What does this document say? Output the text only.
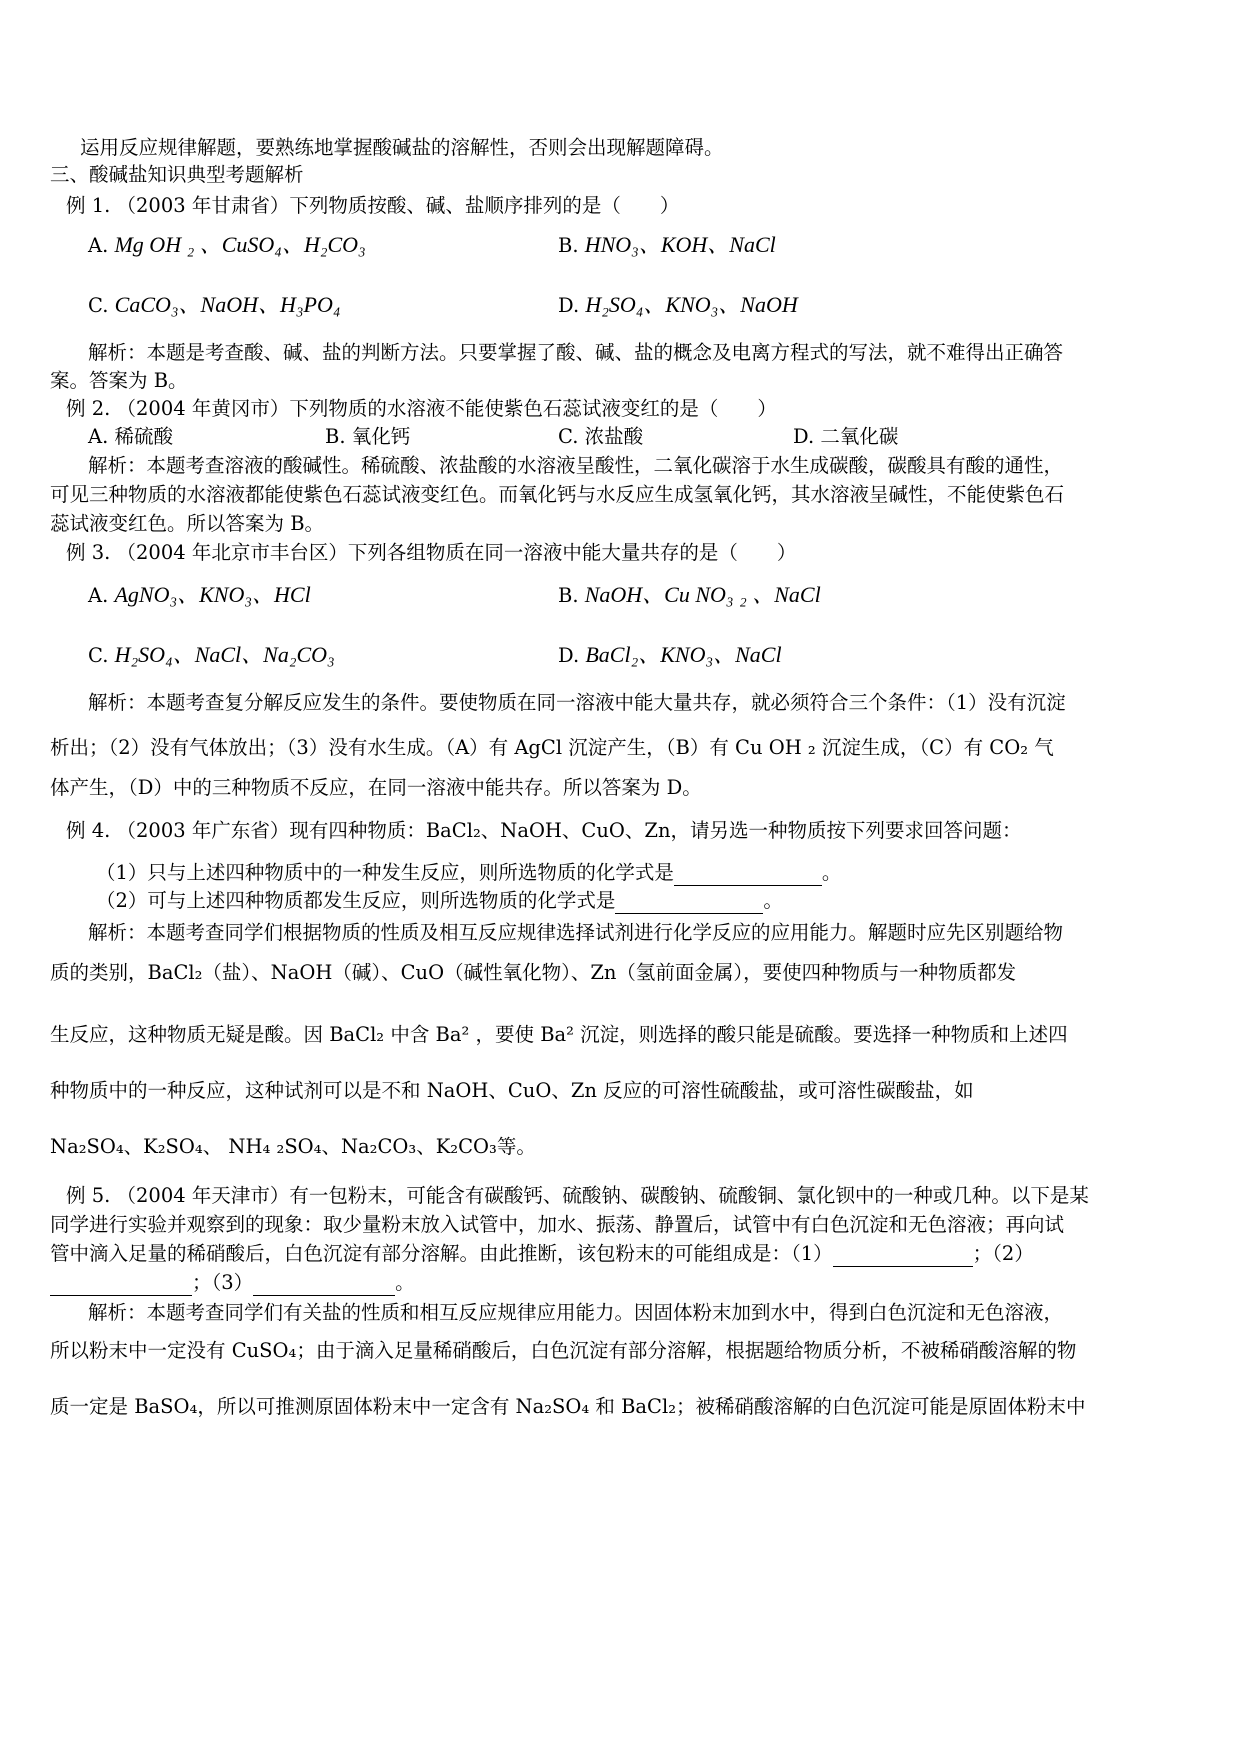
运用反应规律解题，要熟练地掌握酸碱盐的溶解性，否则会出现解题障碍。
三、酸碱盐知识典型考题解析
例 1. （2003 年甘肃省）下列物质按酸、碱、盐顺序排列的是（　　）
A. Mg OH ₂ 、CuSO₄、H₂CO₃	B. HNO₃、KOH、NaCl
C. CaCO₃、NaOH、H₃PO₄	D. H₂SO₄、KNO₃、NaOH
解析：本题是考查酸、碱、盐的判断方法。只要掌握了酸、碱、盐的概念及电离方程式的写法，就不难得出正确答
案。答案为 B。
例 2. （2004 年黄冈市）下列物质的水溶液不能使紫色石蕊试液变红的是（　　）
A. 稀硫酸	B. 氧化钙	C. 浓盐酸	D. 二氧化碳
解析：本题考查溶液的酸碱性。稀硫酸、浓盐酸的水溶液呈酸性，二氧化碳溶于水生成碳酸，碳酸具有酸的通性，
可见三种物质的水溶液都能使紫色石蕊试液变红色。而氧化钙与水反应生成氢氧化钙，其水溶液呈碱性，不能使紫色石
蕊试液变红色。所以答案为 B。
例 3. （2004 年北京市丰台区）下列各组物质在同一溶液中能大量共存的是（　　）
A. AgNO₃、KNO₃、HCl	B. NaOH、Cu NO₃ ₂ 、NaCl
C. H₂SO₄、NaCl、Na₂CO₃	D. BaCl₂、KNO₃、NaCl
解析：本题考查复分解反应发生的条件。要使物质在同一溶液中能大量共存，就必须符合三个条件：（1）没有沉淀
析出；（2）没有气体放出；（3）没有水生成。（A）有 AgCl 沉淀产生，（B）有 Cu OH ₂ 沉淀生成，（C）有 CO₂ 气
体产生，（D）中的三种物质不反应，在同一溶液中能共存。所以答案为 D。
例 4. （2003 年广东省）现有四种物质：BaCl₂、NaOH、CuO、Zn，请另选一种物质按下列要求回答问题：
（1）只与上述四种物质中的一种发生反应，则所选物质的化学式是	。
（2）可与上述四种物质都发生反应，则所选物质的化学式是	。
解析：本题考查同学们根据物质的性质及相互反应规律选择试剂进行化学反应的应用能力。解题时应先区别题给物
质的类别，BaCl₂（盐）、NaOH（碱）、CuO（碱性氧化物）、Zn（氢前面金属），要使四种物质与一种物质都发
生反应，这种物质无疑是酸。因 BaCl₂ 中含 Ba² ，要使 Ba² 沉淀，则选择的酸只能是硫酸。要选择一种物质和上述四
种物质中的一种反应，这种试剂可以是不和 NaOH、CuO、Zn 反应的可溶性硫酸盐，或可溶性碳酸盐，如
Na₂SO₄、K₂SO₄、 NH₄ ₂SO₄、Na₂CO₃、K₂CO₃等。
例 5. （2004 年天津市）有一包粉末，可能含有碳酸钙、硫酸钠、碳酸钠、硫酸铜、氯化钡中的一种或几种。以下是某
同学进行实验并观察到的现象：取少量粉末放入试管中，加水、振荡、静置后，试管中有白色沉淀和无色溶液；再向试
管中滴入足量的稀硝酸后，白色沉淀有部分溶解。由此推断，该包粉末的可能组成是：（1）	；（2）
；（3）	。
解析：本题考查同学们有关盐的性质和相互反应规律应用能力。因固体粉末加到水中，得到白色沉淀和无色溶液，
所以粉末中一定没有 CuSO₄；由于滴入足量稀硝酸后，白色沉淀有部分溶解，根据题给物质分析，不被稀硝酸溶解的物
质一定是 BaSO₄，所以可推测原固体粉末中一定含有 Na₂SO₄ 和 BaCl₂；被稀硝酸溶解的白色沉淀可能是原固体粉末中
